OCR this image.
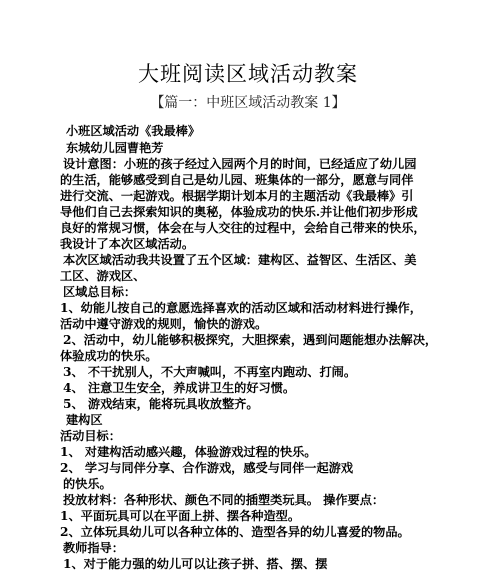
大班阅读区域活动教案
【篇一：中班区域活动教案 1】
小班区域活动《我最棒》
东城幼儿园曹艳芳
设计意图：小班的孩子经过入园两个月的时间，已经适应了幼儿园
的生活，能够感受到自己是幼儿园、班集体的一部分，愿意与同伴
进行交流、一起游戏。根据学期计划本月的主题活动《我最棒》引
导他们自己去探索知识的奥秘，体验成功的快乐.并让他们初步形成
良好的常规习惯，体会在与人交往的过程中，会给自己带来的快乐，
我设计了本次区域活动。
本次区域活动我共设置了五个区域：建构区、益智区、生活区、美
工区、游戏区、
区域总目标：
1、幼能儿按自己的意愿选择喜欢的活动区域和活动材料进行操作，
活动中遵守游戏的规则，愉快的游戏。
2、活动中，幼儿能够积极探究，大胆探索，遇到问题能想办法解决，
体验成功的快乐。
3、 不干扰别人，不大声喊叫，不再室内跑动、打闹。
4、 注意卫生安全，养成讲卫生的好习惯。
5、 游戏结束，能将玩具收放整齐。
建构区
活动目标：
1、 对建构活动感兴趣，体验游戏过程的快乐。
2、 学习与同伴分享、合作游戏，感受与同伴一起游戏
的快乐。
投放材料：各种形状、颜色不同的插塑类玩具。 操作要点：
1、平面玩具可以在平面上拼、摆各种造型。
2、立体玩具幼儿可以各种立体的、造型各异的幼儿喜爱的物品。
教师指导：
1、对于能力强的幼儿可以让孩子拼、搭、摆、摆
